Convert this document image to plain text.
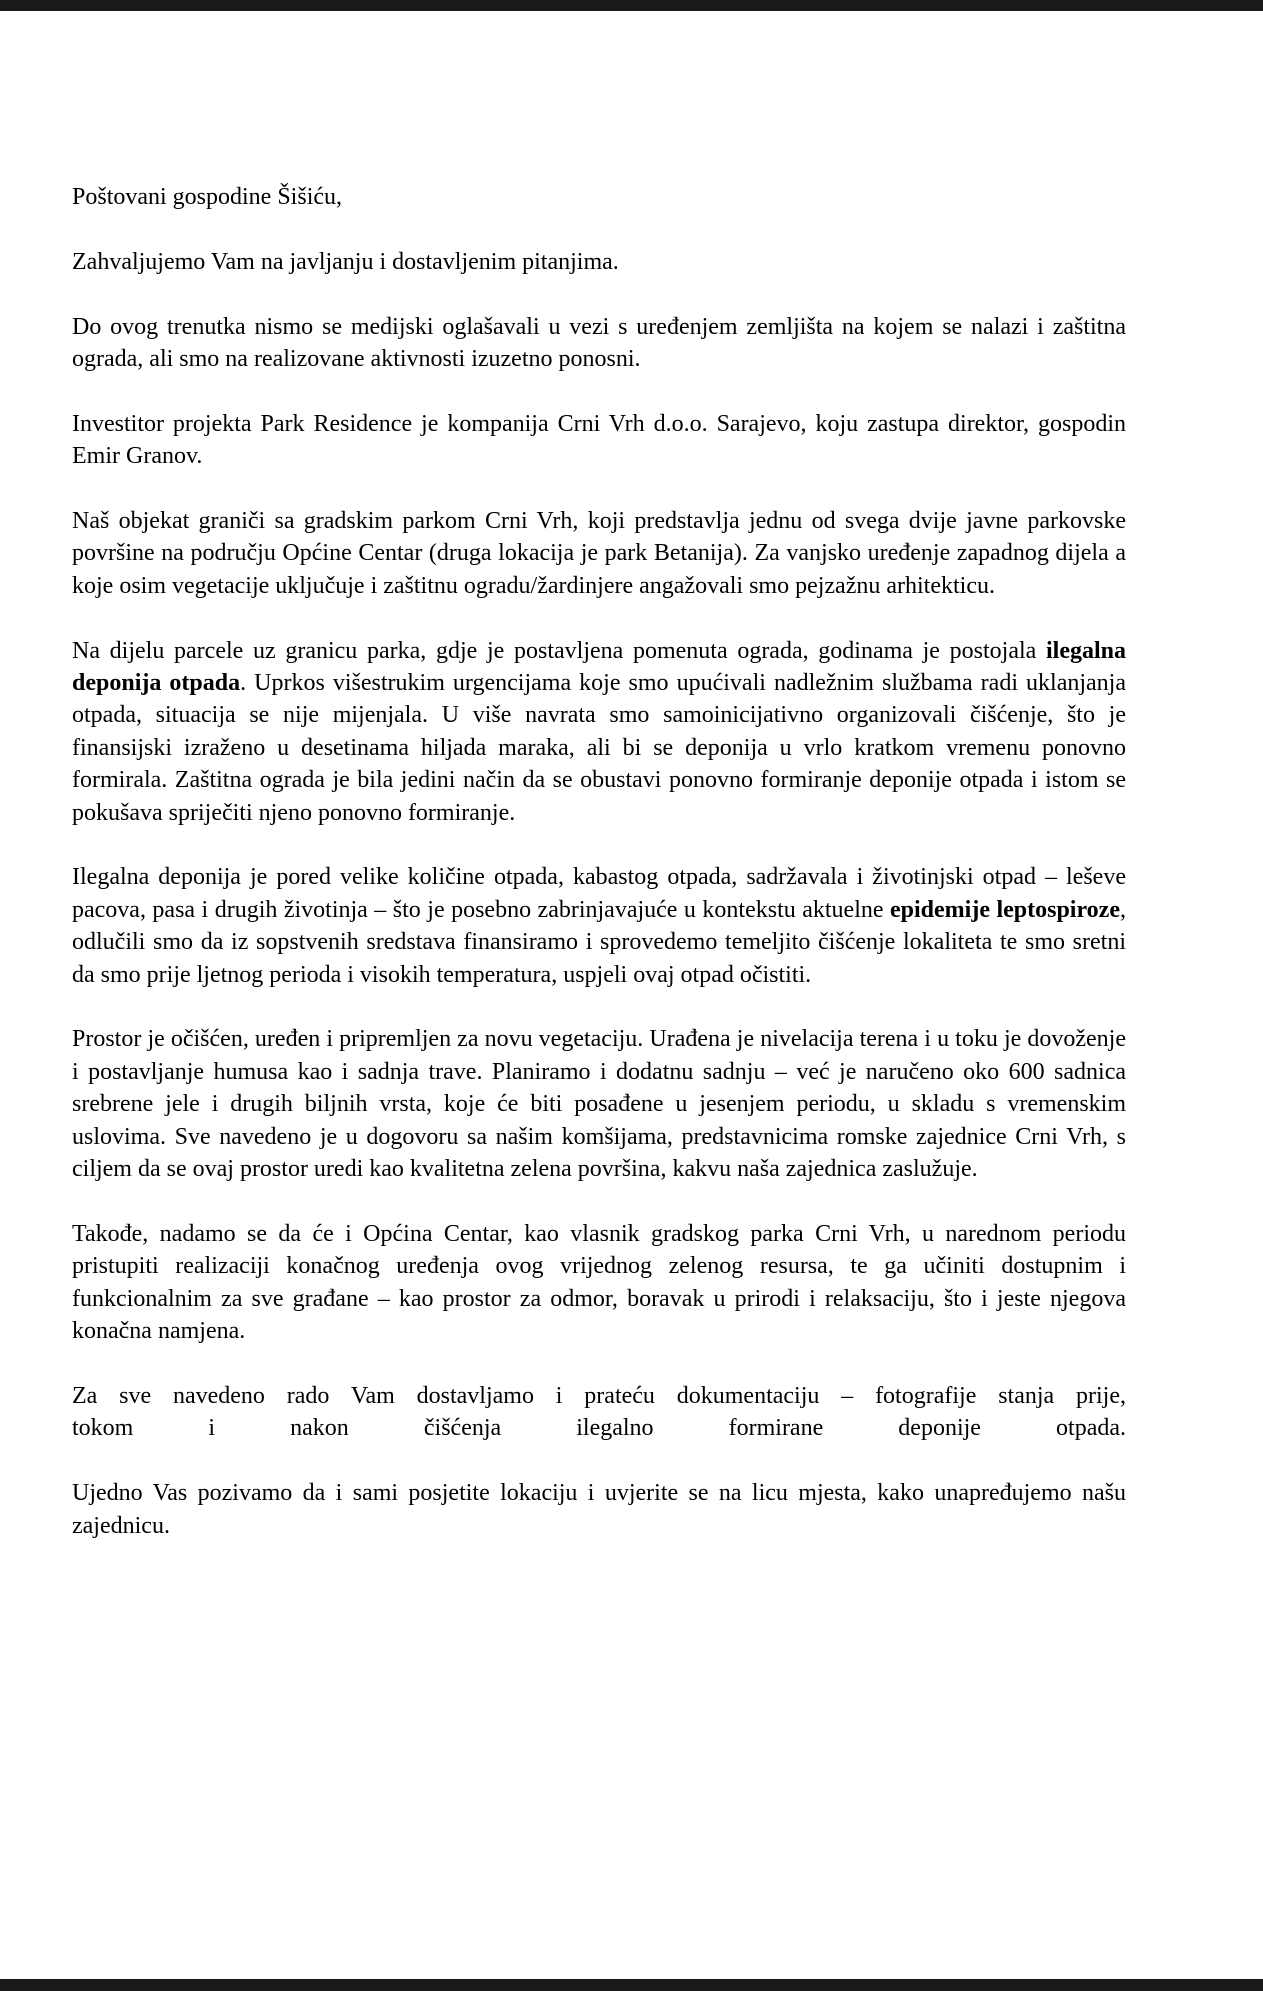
Poštovani gospodine Šišiću,

Zahvaljujemo Vam na javljanju i dostavljenim pitanjima.

Do ovog trenutka nismo se medijski oglašavali u vezi s uređenjem zemljišta na kojem se nalazi i zaštitna ograda, ali smo na realizovane aktivnosti izuzetno ponosni.

Investitor projekta Park Residence je kompanija Crni Vrh d.o.o. Sarajevo, koju zastupa direktor, gospodin Emir Granov.

Naš objekat graniči sa gradskim parkom Crni Vrh, koji predstavlja jednu od svega dvije javne parkovske površine na području Općine Centar (druga lokacija je park Betanija). Za vanjsko uređenje zapadnog dijela a koje osim vegetacije uključuje i zaštitnu ogradu/žardinjere angažovali smo pejzažnu arhitekticu.

Na dijelu parcele uz granicu parka, gdje je postavljena pomenuta ograda, godinama je postojala ilegalna deponija otpada. Uprkos višestrukim urgencijama koje smo upućivali nadležnim službama radi uklanjanja otpada, situacija se nije mijenjala. U više navrata smo samoinicijativno organizovali čišćenje, što je finansijski izraženo u desetinama hiljada maraka, ali bi se deponija u vrlo kratkom vremenu ponovno formirala. Zaštitna ograda je bila jedini način da se obustavi ponovno formiranje deponije otpada i istom se pokušava spriječiti njeno ponovno formiranje.

Ilegalna deponija je pored velike količine otpada, kabastog otpada, sadržavala i životinjski otpad – leševe pacova, pasa i drugih životinja – što je posebno zabrinjavajuće u kontekstu aktuelne epidemije leptospiroze, odlučili smo da iz sopstvenih sredstava finansiramo i sprovedemo temeljito čišćenje lokaliteta te smo sretni da smo prije ljetnog perioda i visokih temperatura, uspjeli ovaj otpad očistiti.

Prostor je očišćen, uređen i pripremljen za novu vegetaciju. Urađena je nivelacija terena i u toku je dovoženje i postavljanje humusa kao i sadnja trave. Planiramo i dodatnu sadnju – već je naručeno oko 600 sadnica srebrene jele i drugih biljnih vrsta, koje će biti posađene u jesenjem periodu, u skladu s vremenskim uslovima. Sve navedeno je u dogovoru sa našim komšijama, predstavnicima romske zajednice Crni Vrh, s ciljem da se ovaj prostor uredi kao kvalitetna zelena površina, kakvu naša zajednica zaslužuje.

Takođe, nadamo se da će i Općina Centar, kao vlasnik gradskog parka Crni Vrh, u narednom periodu pristupiti realizaciji konačnog uređenja ovog vrijednog zelenog resursa, te ga učiniti dostupnim i funkcionalnim za sve građane – kao prostor za odmor, boravak u prirodi i relaksaciju, što i jeste njegova konačna namjena.

Za sve navedeno rado Vam dostavljamo i prateću dokumentaciju – fotografije stanja prije,
tokom i nakon čišćenja ilegalno formirane deponije otpada.

Ujedno Vas pozivamo da i sami posjetite lokaciju i uvjerite se na licu mjesta, kako unapređujemo našu zajednicu.
